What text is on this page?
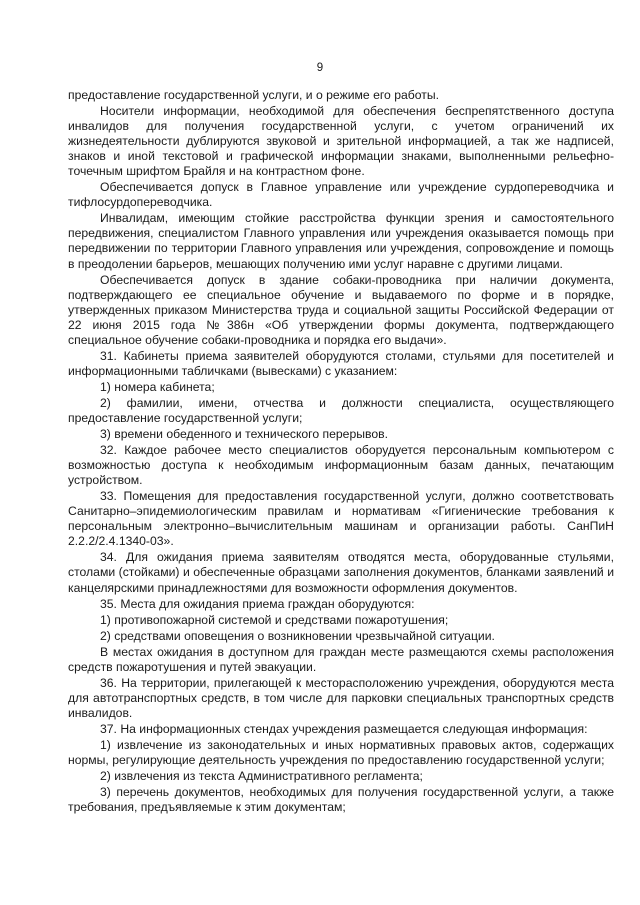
9

предоставление государственной услуги, и о режиме его работы.

Носители информации, необходимой для обеспечения беспрепятственного доступа инвалидов для получения государственной услуги, с учетом ограничений их жизнедеятельности дублируются звуковой и зрительной информацией, а так же надписей, знаков и иной текстовой и графической информации знаками, выполненными рельефно-точечным шрифтом Брайля и на контрастном фоне.

Обеспечивается допуск в Главное управление или учреждение сурдопереводчика и тифлосурдопереводчика.

Инвалидам, имеющим стойкие расстройства функции зрения и самостоятельного передвижения, специалистом Главного управления или учреждения оказывается помощь при передвижении по территории Главного управления или учреждения, сопровождение и помощь в преодолении барьеров, мешающих получению ими услуг наравне с другими лицами.

Обеспечивается допуск в здание собаки-проводника при наличии документа, подтверждающего ее специальное обучение и выдаваемого по форме и в порядке, утвержденных приказом Министерства труда и социальной защиты Российской Федерации от 22 июня 2015 года №386н «Об утверждении формы документа, подтверждающего специальное обучение собаки-проводника и порядка его выдачи».

31. Кабинеты приема заявителей оборудуются столами, стульями для посетителей и информационными табличками (вывесками) с указанием:

1) номера кабинета;

2) фамилии, имени, отчества и должности специалиста, осуществляющего предоставление государственной услуги;

3) времени обеденного и технического перерывов.

32. Каждое рабочее место специалистов оборудуется персональным компьютером с возможностью доступа к необходимым информационным базам данных, печатающим устройством.

33. Помещения для предоставления государственной услуги, должно соответствовать Санитарно–эпидемиологическим правилам и нормативам «Гигиенические требования к персональным электронно–вычислительным машинам и организации работы. СанПиН 2.2.2/2.4.1340-03».

34. Для ожидания приема заявителям отводятся места, оборудованные стульями, столами (стойками) и обеспеченные образцами заполнения документов, бланками заявлений и канцелярскими принадлежностями для возможности оформления документов.

35. Места для ожидания приема граждан оборудуются:

1) противопожарной системой и средствами пожаротушения;

2) средствами оповещения о возникновении чрезвычайной ситуации.

В местах ожидания в доступном для граждан месте размещаются схемы расположения средств пожаротушения и путей эвакуации.

36. На территории, прилегающей к месторасположению учреждения, оборудуются места для автотранспортных средств, в том числе для парковки специальных транспортных средств инвалидов.

37. На информационных стендах учреждения размещается следующая информация:

1) извлечение из законодательных и иных нормативных правовых актов, содержащих нормы, регулирующие деятельность учреждения по предоставлению государственной услуги;

2) извлечения из текста Административного регламента;

3) перечень документов, необходимых для получения государственной услуги, а также требования, предъявляемые к этим документам;
